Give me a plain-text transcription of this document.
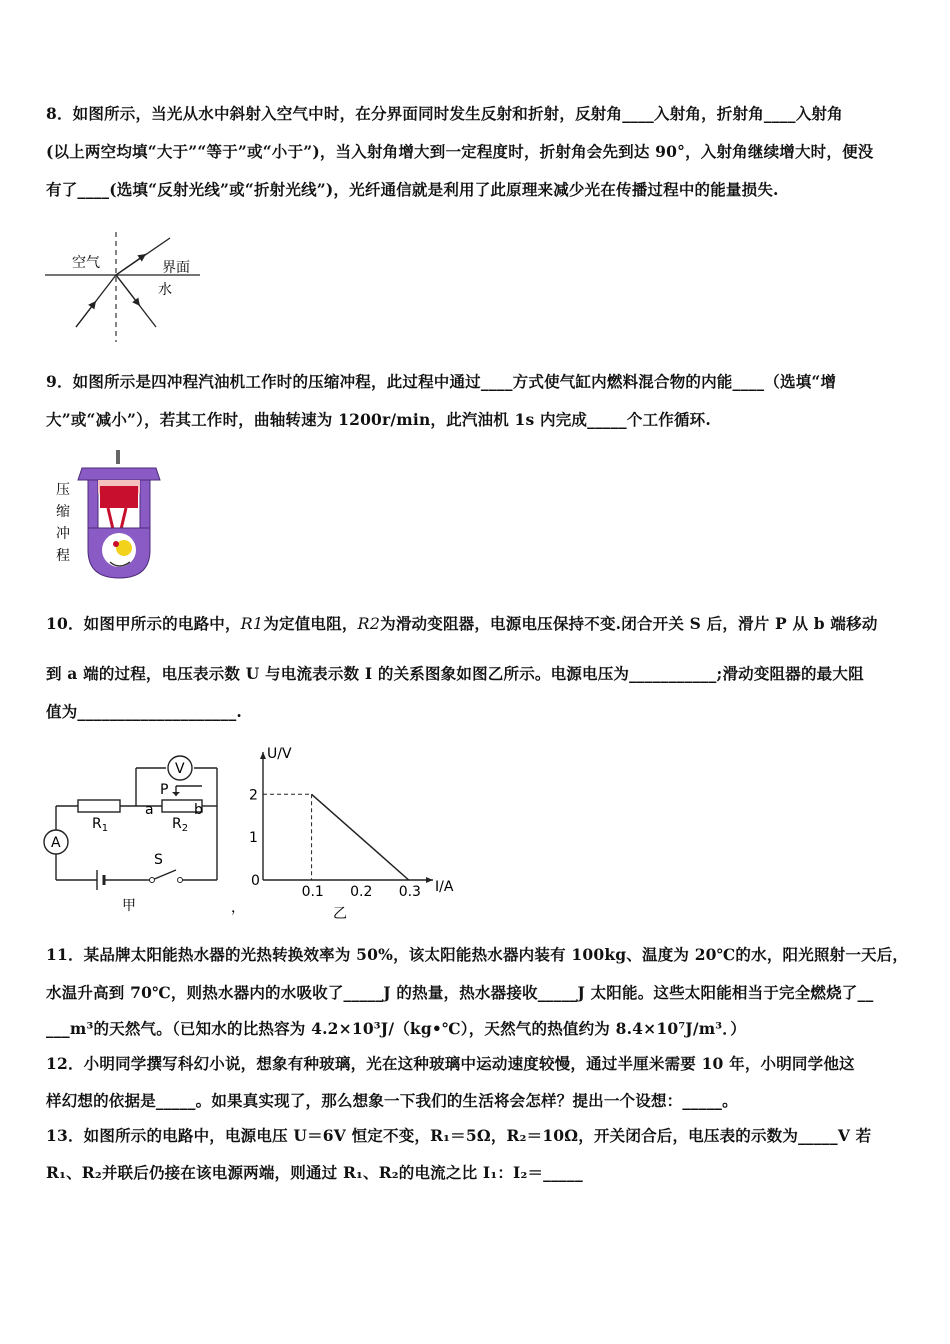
8．如图所示，当光从水中斜射入空气中时，在分界面同时发生反射和折射，反射角____入射角，折射角____入射角
(以上两空均填“大于”“等于”或“小于”)，当入射角增大到一定程度时，折射角会先到达 90°，入射角继续增大时，便没
有了____(选填“反射光线”或“折射光线”)，光纤通信就是利用了此原理来减少光在传播过程中的能量损失.
空气	界面
水
9．如图所示是四冲程汽油机工作时的压缩冲程，此过程中通过____方式使气缸内燃料混合物的内能____（选填“增
大”或“减小”），若其工作时，曲轴转速为 1200r/min，此汽油机 1s 内完成_____个工作循环.
压
缩
冲
程
10．如图甲所示的电路中，R1为定值电阻，R2为滑动变阻器，电源电压保持不变.闭合开关 S 后，滑片 P 从 b 端移动
到 a 端的过程，电压表示数 U 与电流表示数 I 的关系图象如图乙所示。电源电压为___________;滑动变阻器的最大阻
值为____________________.
V
A
$R_1$	$R_2$
P
a	b
S
甲
U/V
I/A
0
0.1 0.2 0.3
1
2
乙
，
11．某品牌太阳能热水器的光热转换效率为 50%，该太阳能热水器内装有 100kg、温度为 20℃的水，阳光照射一天后，
水温升高到 70℃，则热水器内的水吸收了_____J 的热量，热水器接收_____J 太阳能。这些太阳能相当于完全燃烧了__
___m³的天然气。（已知水的比热容为 4.2×10³J/（kg•℃），天然气的热值约为 8.4×10⁷J/m³．）
12．小明同学撰写科幻小说，想象有种玻璃，光在这种玻璃中运动速度较慢，通过半厘米需要 10 年，小明同学他这
样幻想的依据是_____。如果真实现了，那么想象一下我们的生活将会怎样？提出一个设想：_____。
13．如图所示的电路中，电源电压 U＝6V 恒定不变，R₁＝5Ω，R₂＝10Ω，开关闭合后，电压表的示数为_____V 若
R₁、R₂并联后仍接在该电源两端，则通过 R₁、R₂的电流之比 I₁：I₂＝_____
